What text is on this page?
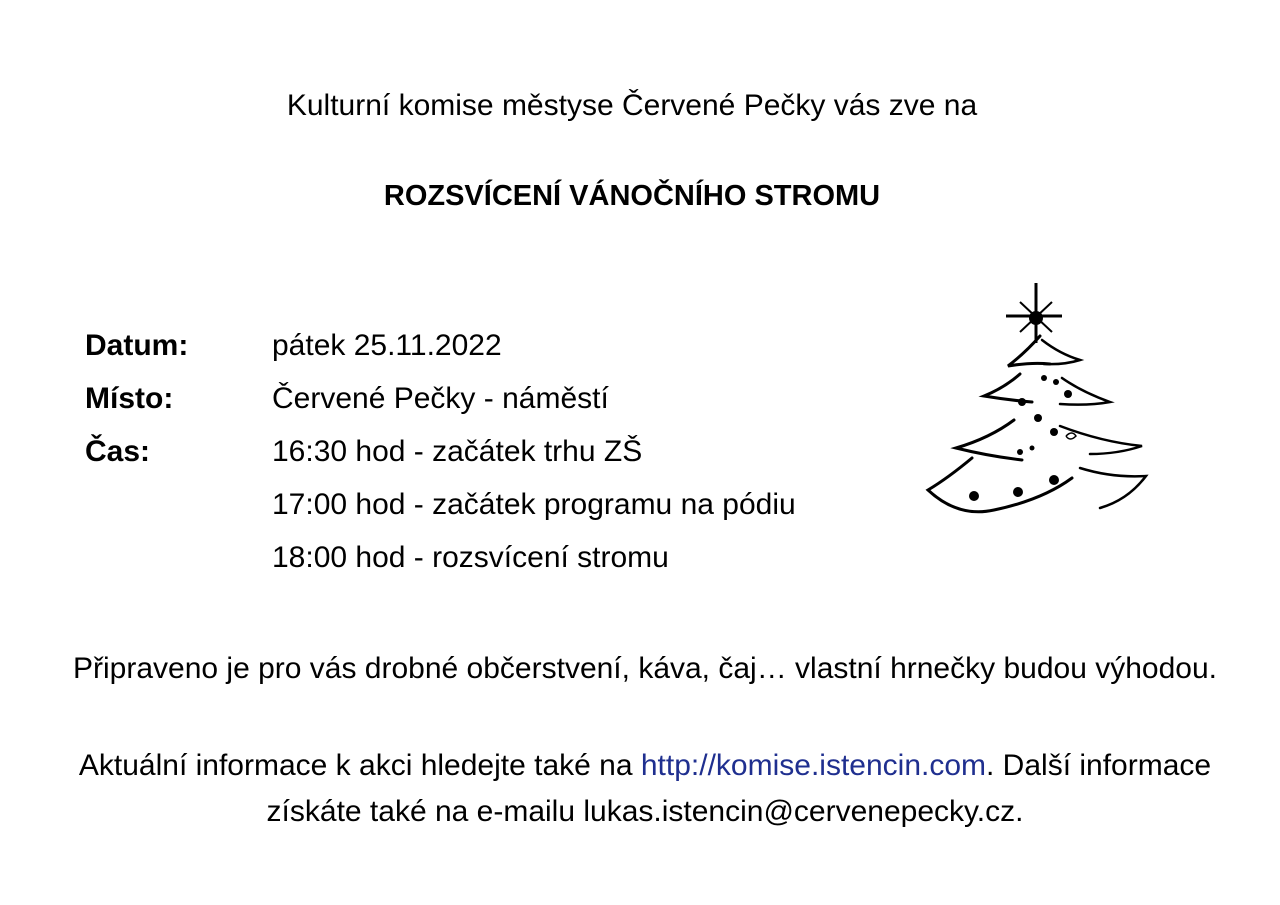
Kulturní komise městyse Červené Pečky vás zve na
ROZSVÍCENÍ VÁNOČNÍHO STROMU
Datum:	pátek 25.11.2022
Místo:	Červené Pečky - náměstí
Čas:	16:30 hod - začátek trhu ZŠ
17:00 hod - začátek programu na pódiu
18:00 hod - rozsvícení stromu
Připraveno je pro vás drobné občerstvení, káva, čaj… vlastní hrnečky budou výhodou.
Aktuální informace k akci hledejte také na http://komise.istencin.com. Další informace získáte také na e-mailu lukas.istencin@cervenepecky.cz.
